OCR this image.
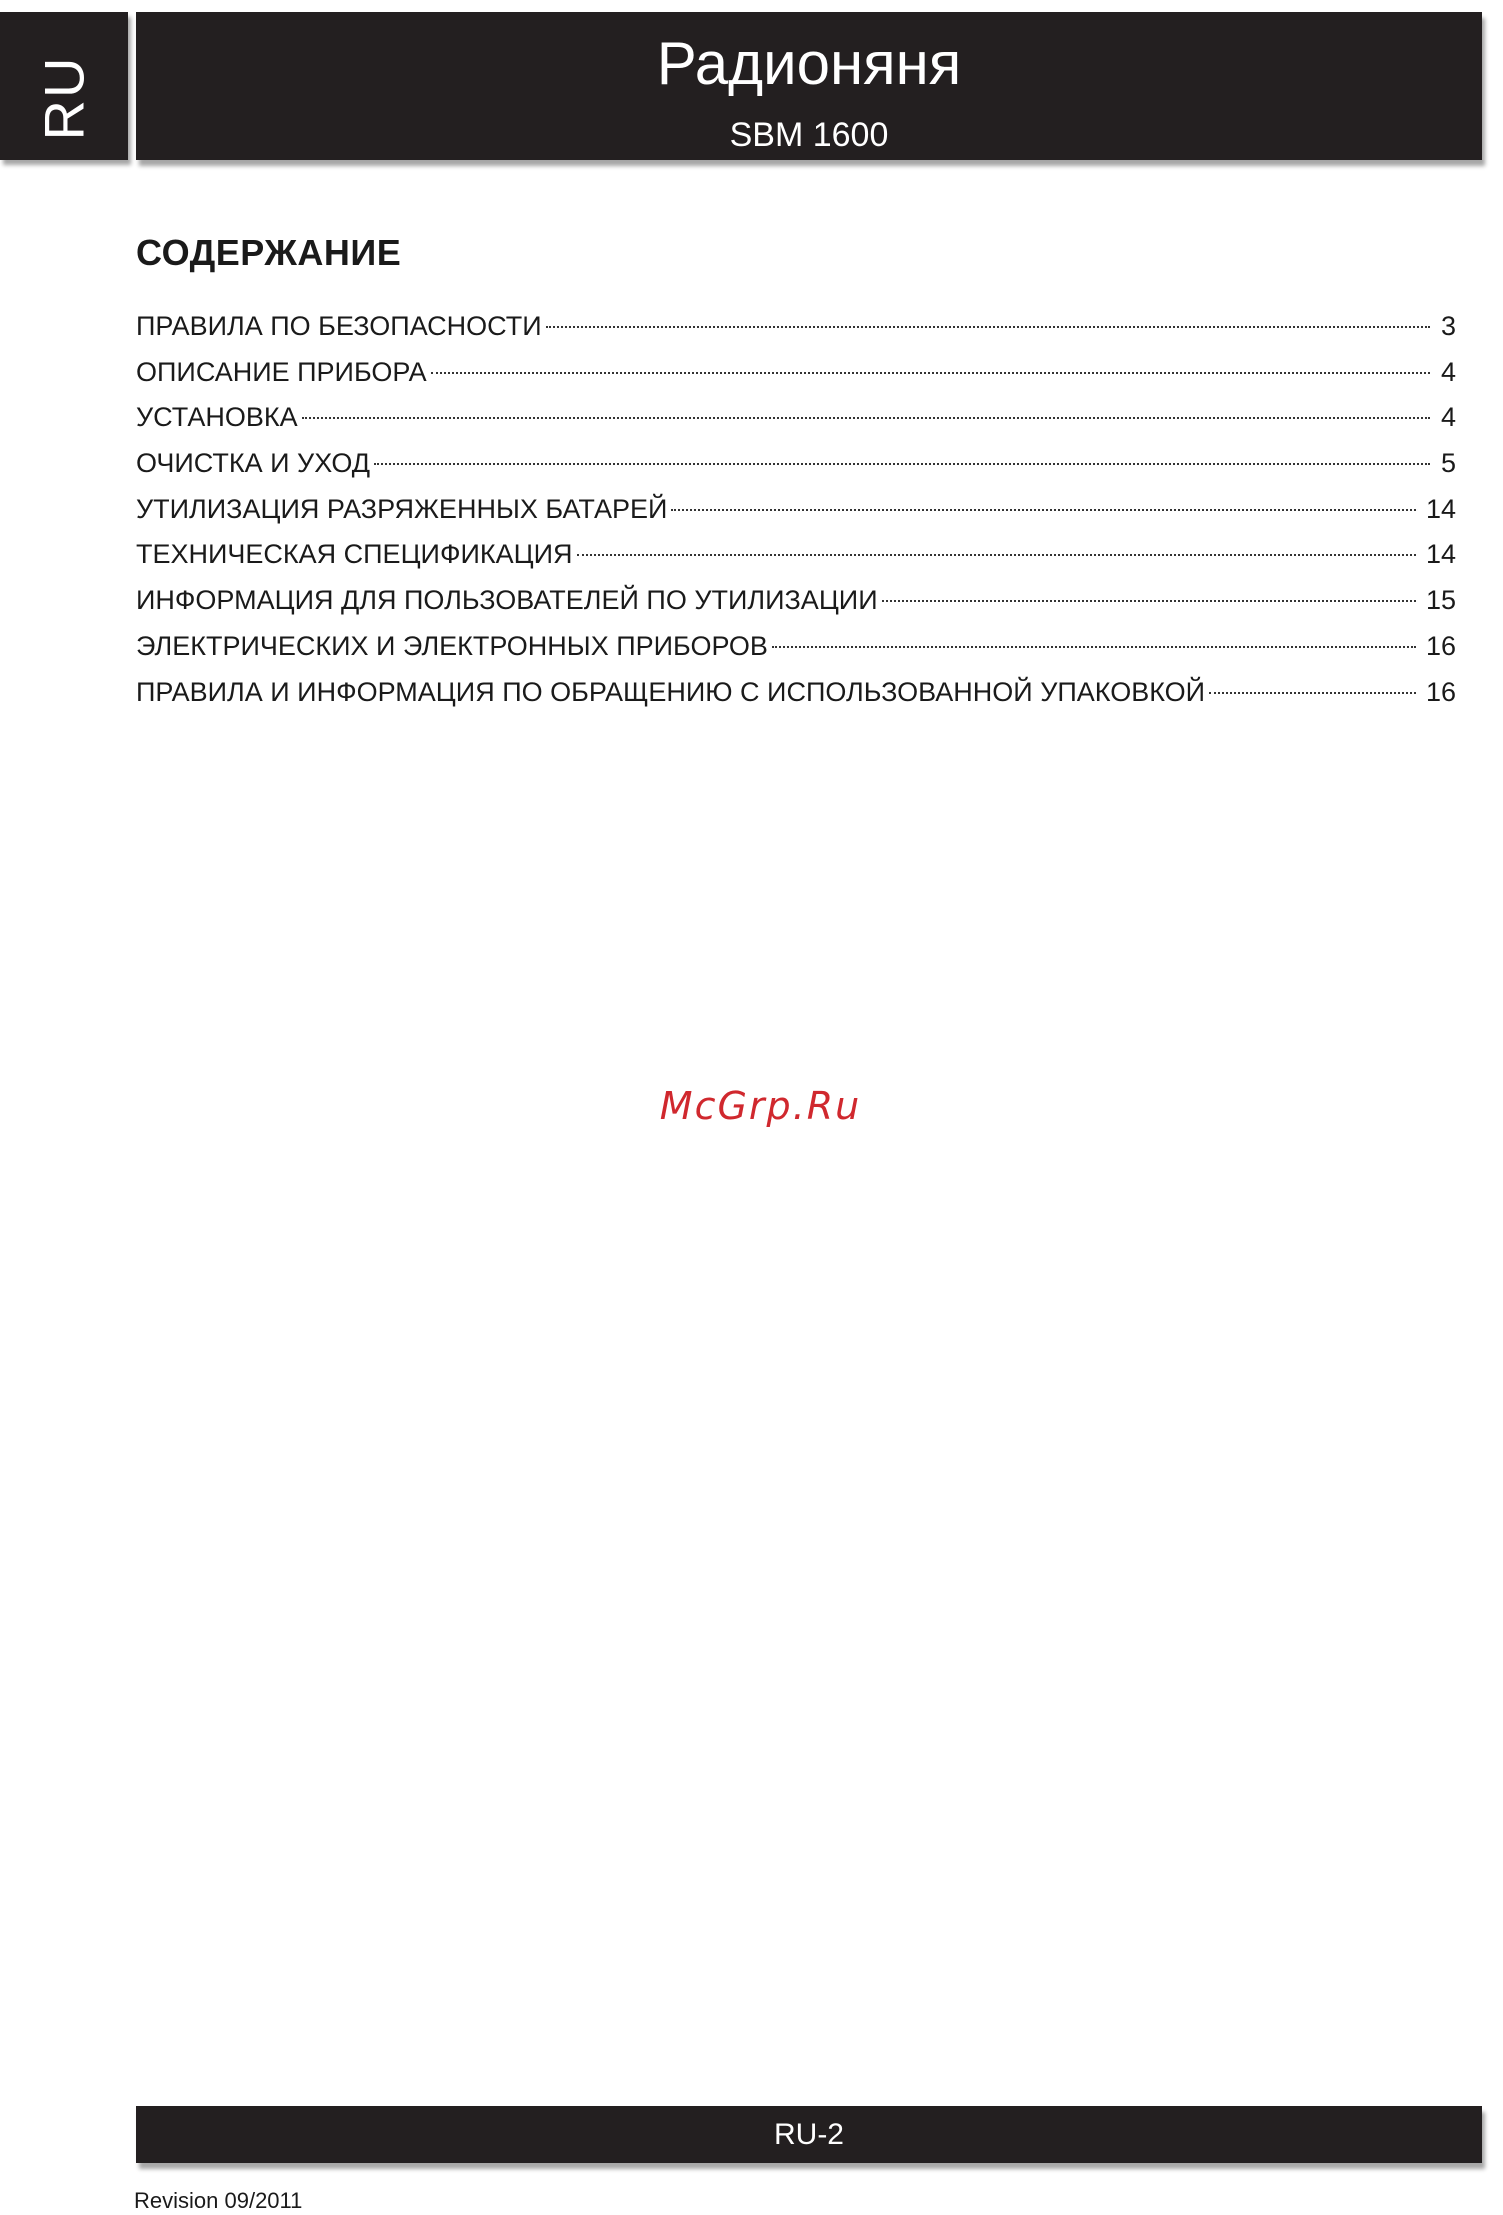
RU	Радионяня
SBM 1600
СОДЕРЖАНИЕ
ПРАВИЛА ПО БЕЗОПАСНОСТИ	3
ОПИСАНИЕ ПРИБОРА	4
УСТАНОВКА	4
ОЧИСТКА И УХОД	5
УТИЛИЗАЦИЯ РАЗРЯЖЕННЫХ БАТАРЕЙ	14
ТЕХНИЧЕСКАЯ СПЕЦИФИКАЦИЯ	14
ИНФОРМАЦИЯ ДЛЯ ПОЛЬЗОВАТЕЛЕЙ ПО УТИЛИЗАЦИИ	15
ЭЛЕКТРИЧЕСКИХ И ЭЛЕКТРОННЫХ ПРИБОРОВ	16
ПРАВИЛА И ИНФОРМАЦИЯ ПО ОБРАЩЕНИЮ С ИСПОЛЬЗОВАННОЙ УПАКОВКОЙ	16
McGrp.Ru
RU-2
Revision 09/2011
